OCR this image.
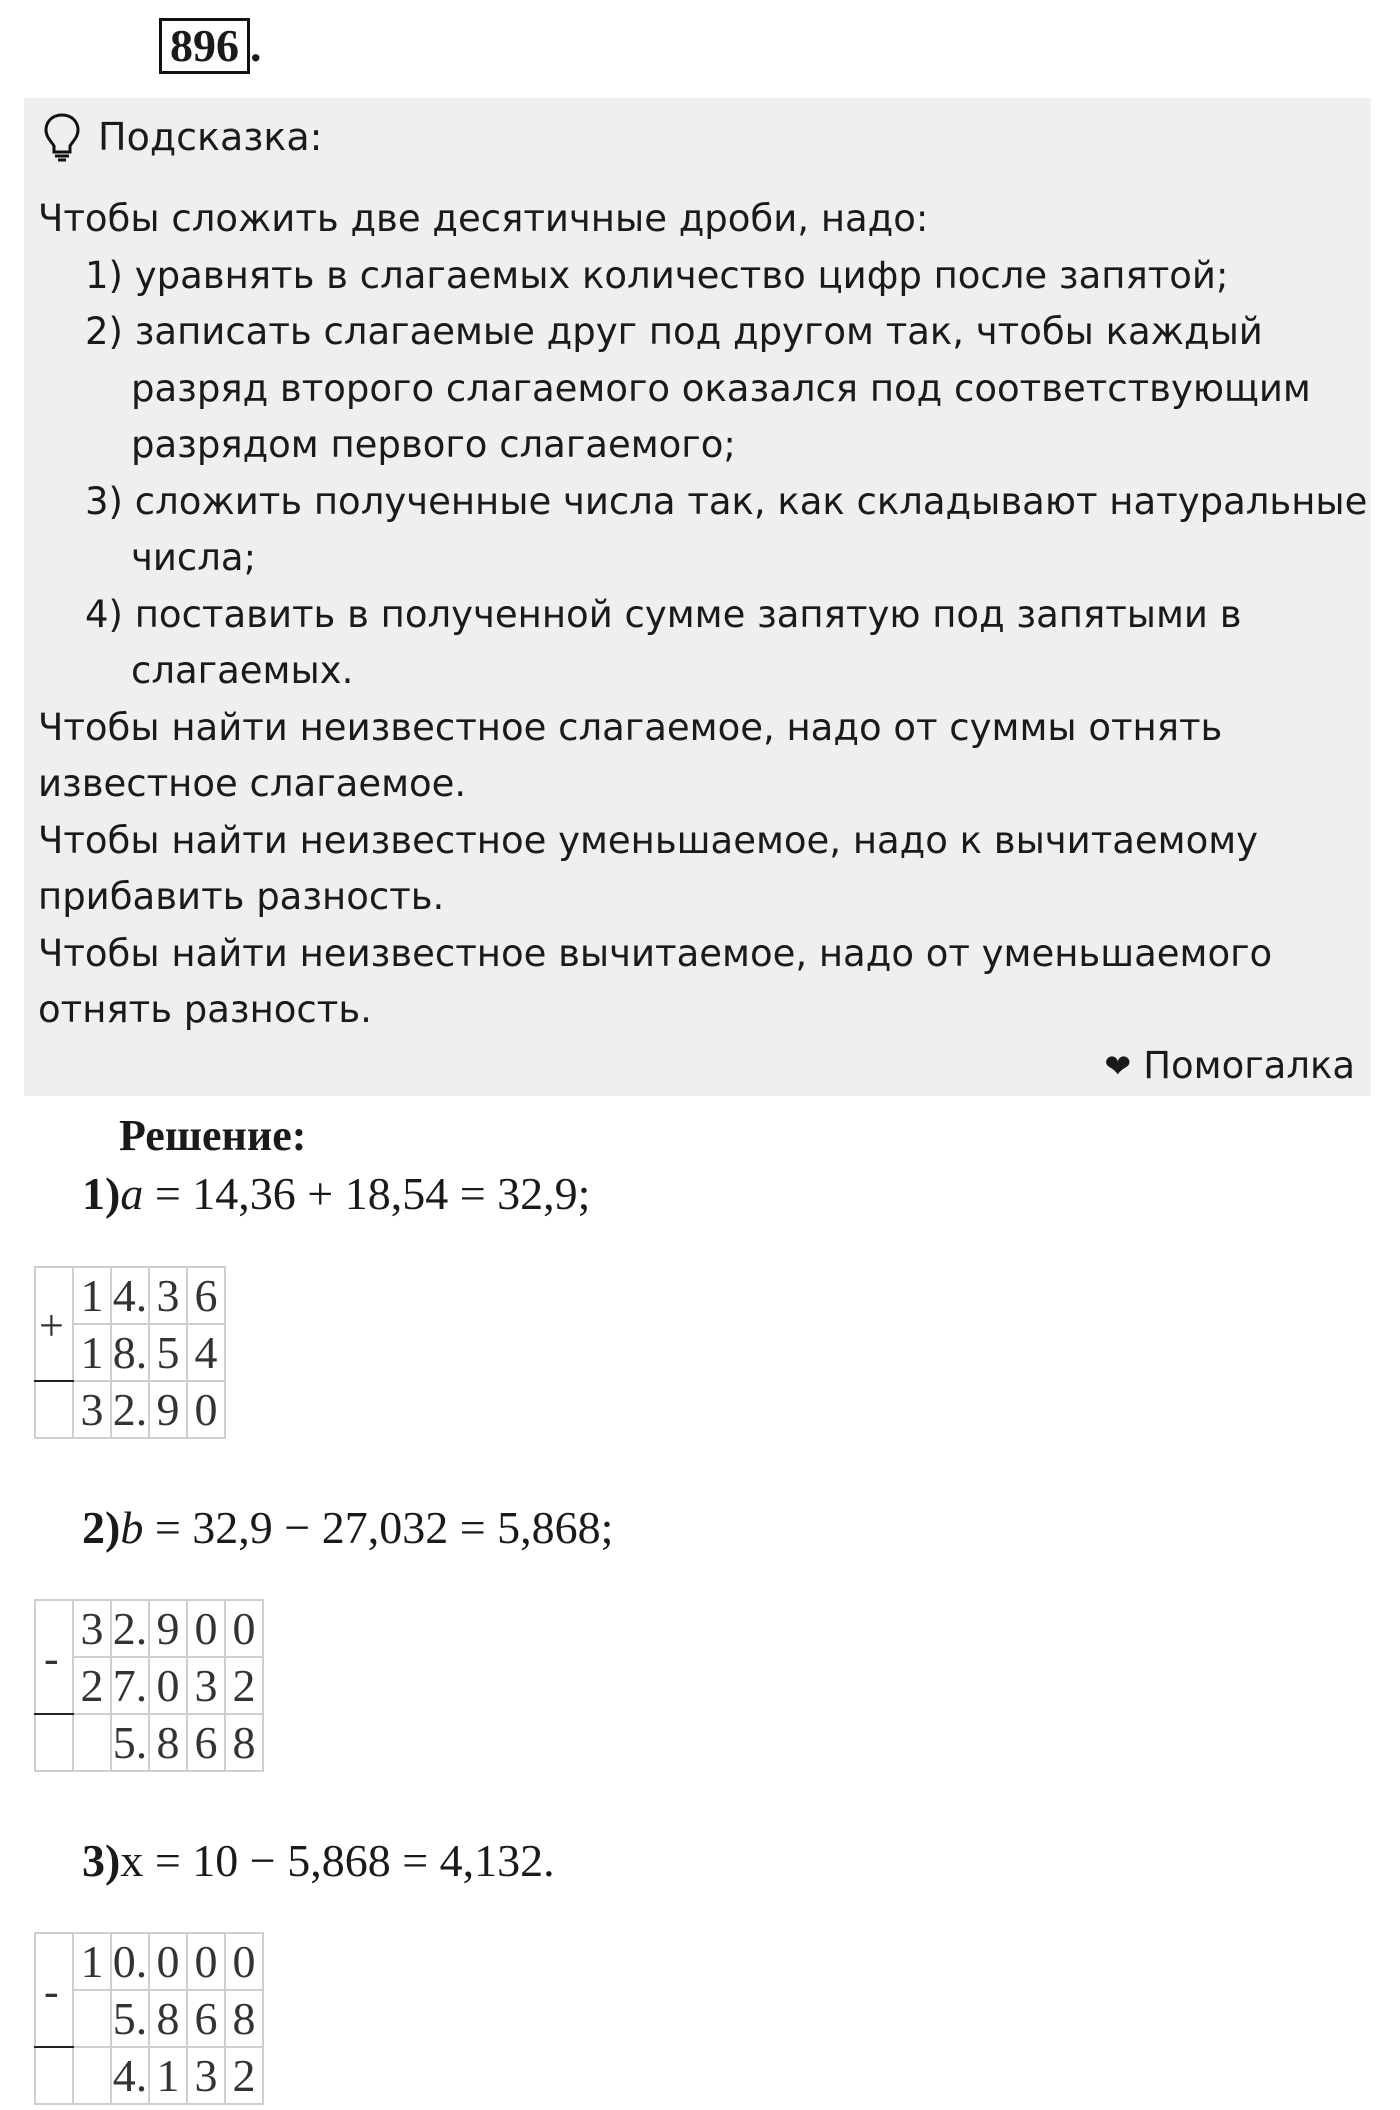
896 .
Подсказка:
Чтобы сложить две десятичные дроби, надо:
1) уравнять в слагаемых количество цифр после запятой;
2) записать слагаемые друг под другом так, чтобы каждый
разряд второго слагаемого оказался под соответствующим
разрядом первого слагаемого;
3) сложить полученные числа так, как складывают натуральные
числа;
4) поставить в полученной сумме запятую под запятыми в
слагаемых.
Чтобы найти неизвестное слагаемое, надо от суммы отнять
известное слагаемое.
Чтобы найти неизвестное уменьшаемое, надо к вычитаемому
прибавить разность.
Чтобы найти неизвестное вычитаемое, надо от уменьшаемого
отнять разность.
❤ Помогалка
Решение:
1)a = 14,36 + 18,54 = 32,9;
	1	4.	3	6
	1	8.	5	4
	3	2.	9	0
+
2)b = 32,9 − 27,032 = 5,868;
	3	2.	9	0	0
	2	7.	0	3	2
		5.	8	6	8
-
3)x = 10 − 5,868 = 4,132.
	1	0.	0	0	0
		5.	8	6	8
		4.	1	3	2
-
